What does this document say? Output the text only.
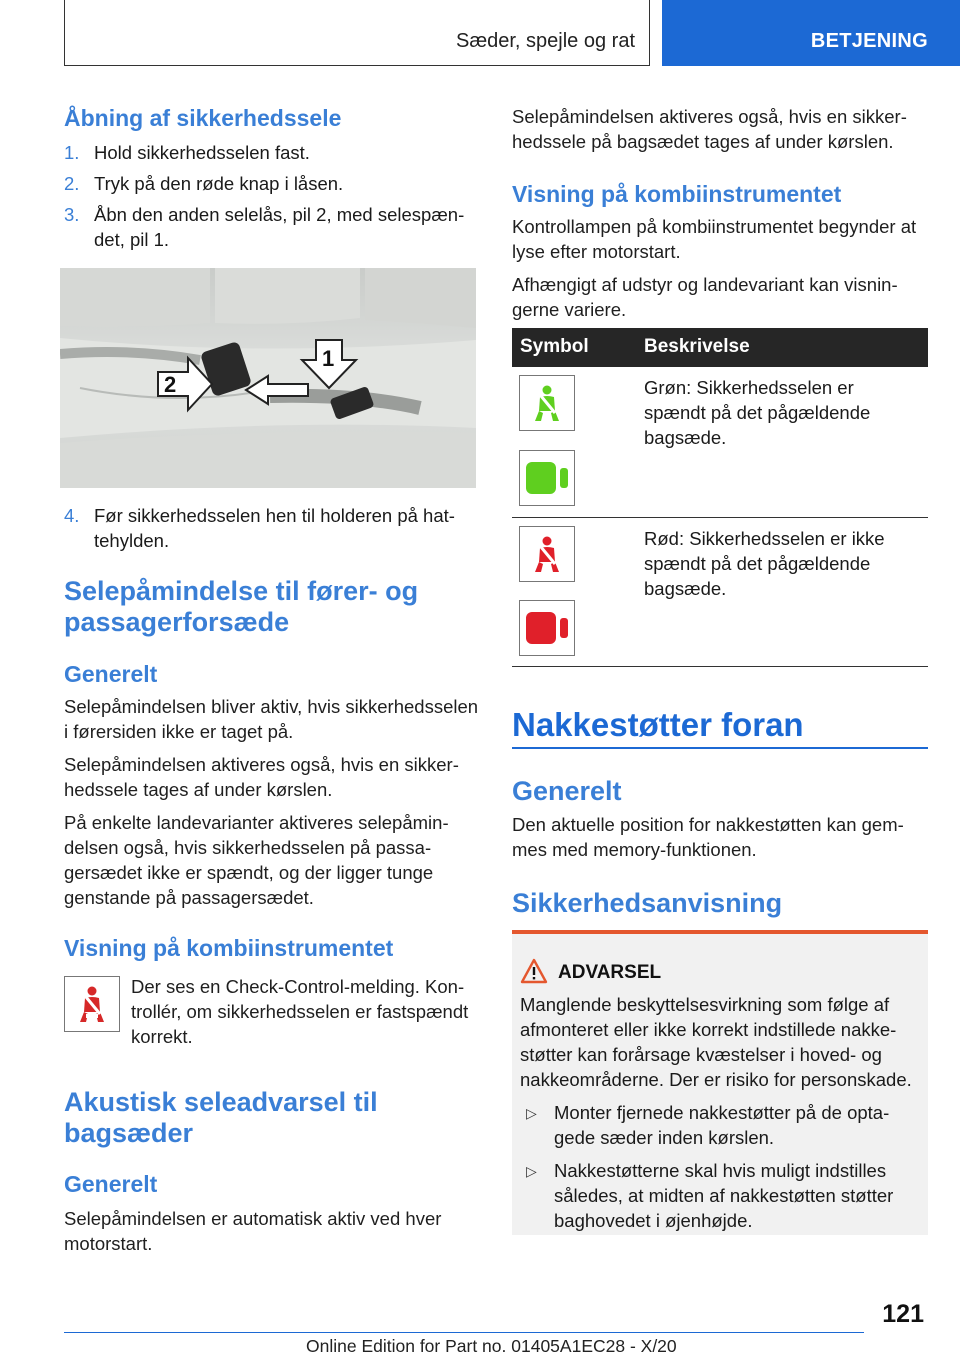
Sæder, spejle og rat	BETJENING
Åbning af sikkerhedssele
1. Hold sikkerhedsselen fast.
2. Tryk på den røde knap i låsen.
3. Åbn den anden selelås, pil 2, med selespændet, pil 1.
2
1
4. Før sikkerhedsselen hen til holderen på hattehylden.
Selepåmindelse til fører- og passagerforsæde
Generelt
Selepåmindelsen bliver aktiv, hvis sikkerhedsselen i førersiden ikke er taget på.
Selepåmindelsen aktiveres også, hvis en sikkerhedssele tages af under kørslen.
På enkelte landevarianter aktiveres selepåmindelsen også, hvis sikkerhedsselen på passagersædet ikke er spændt, og der ligger tunge genstande på passagersædet.
Visning på kombiinstrumentet
Der ses en Check-Control-melding. Kontrollér, om sikkerhedsselen er fastspændt korrekt.
Akustisk seleadvarsel til bagsæder
Generelt
Selepåmindelsen er automatisk aktiv ved hver motorstart.
Selepåmindelsen aktiveres også, hvis en sikkerhedssele på bagsædet tages af under kørslen.
Visning på kombiinstrumentet
Kontrollampen på kombiinstrumentet begynder at lyse efter motorstart.
Afhængigt af udstyr og landevariant kan visningerne variere.
Symbol	Beskrivelse
Grøn: Sikkerhedsselen er spændt på det pågældende bagsæde.
Rød: Sikkerhedsselen er ikke spændt på det pågældende bagsæde.
Nakkestøtter foran
Generelt
Den aktuelle position for nakkestøtten kan gemmes med memory-funktionen.
Sikkerhedsanvisning
ADVARSEL
Manglende beskyttelsesvirkning som følge af afmonteret eller ikke korrekt indstillede nakkestøtter kan forårsage kvæstelser i hoved- og nakkeområderne. Der er risiko for personskade.
▷ Monter fjernede nakkestøtter på de optagede sæder inden kørslen.
▷ Nakkestøtterne skal hvis muligt indstilles således, at midten af nakkestøtten støtter baghovedet i øjenhøjde.
121
Online Edition for Part no. 01405A1EC28 - X/20
